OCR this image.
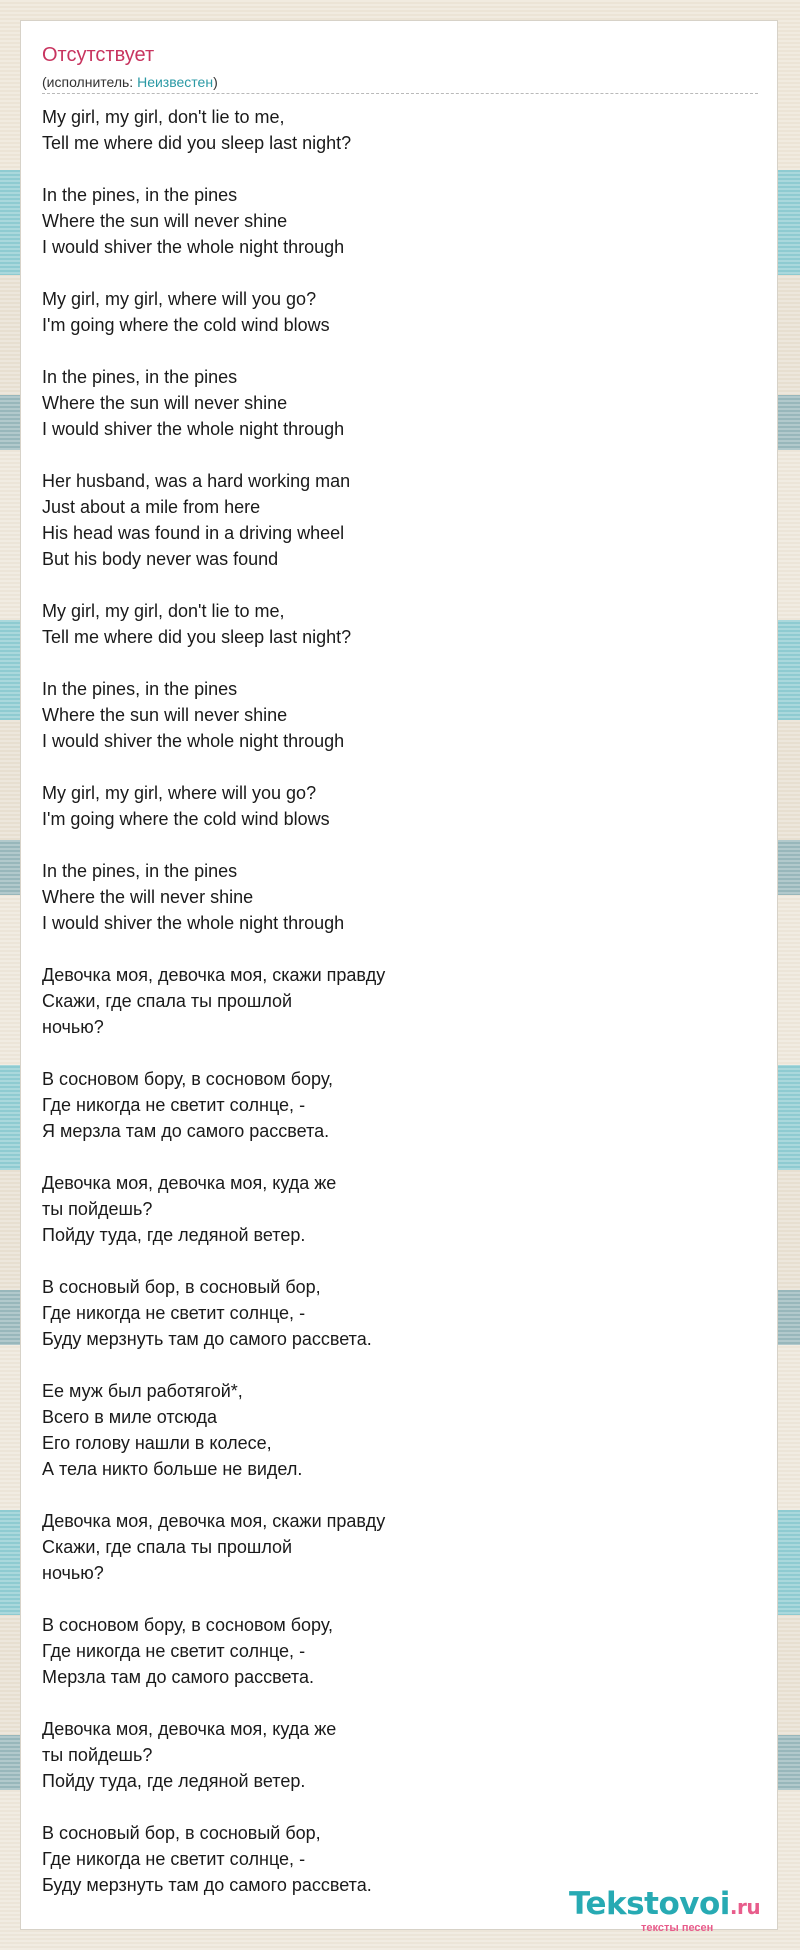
Отсутствует
(исполнитель: Неизвестен)
My girl, my girl, don't lie to me,
Tell me where did you sleep last night?
In the pines, in the pines
Where the sun will never shine
I would shiver the whole night through
My girl, my girl, where will you go?
I'm going where the cold wind blows
In the pines, in the pines
Where the sun will never shine
I would shiver the whole night through
Her husband, was a hard working man
Just about a mile from here
His head was found in a driving wheel
But his body never was found
My girl, my girl, don't lie to me,
Tell me where did you sleep last night?
In the pines, in the pines
Where the sun will never shine
I would shiver the whole night through
My girl, my girl, where will you go?
I'm going where the cold wind blows
In the pines, in the pines
Where the will never shine
I would shiver the whole night through
Девочка моя, девочка моя, скажи правду
Скажи, где спала ты прошлой
ночью?
В сосновом бору, в сосновом бору,
Где никогда не светит солнце, -
Я мерзла там до самого рассвета.
Девочка моя, девочка моя, куда же
ты пойдешь?
Пойду туда, где ледяной ветер.
В сосновый бор, в сосновый бор,
Где никогда не светит солнце, -
Буду мерзнуть там до самого рассвета.
Ее муж был работягой*,
Всего в миле отсюда
Его голову нашли в колесе,
А тела никто больше не видел.
Девочка моя, девочка моя, скажи правду
Скажи, где спала ты прошлой
ночью?
В сосновом бору, в сосновом бору,
Где никогда не светит солнце, -
Мерзла там до самого рассвета.
Девочка моя, девочка моя, куда же
ты пойдешь?
Пойду туда, где ледяной ветер.
В сосновый бор, в сосновый бор,
Где никогда не светит солнце, -
Буду мерзнуть там до самого рассвета.
Tekstovoi.ru
тексты песен
